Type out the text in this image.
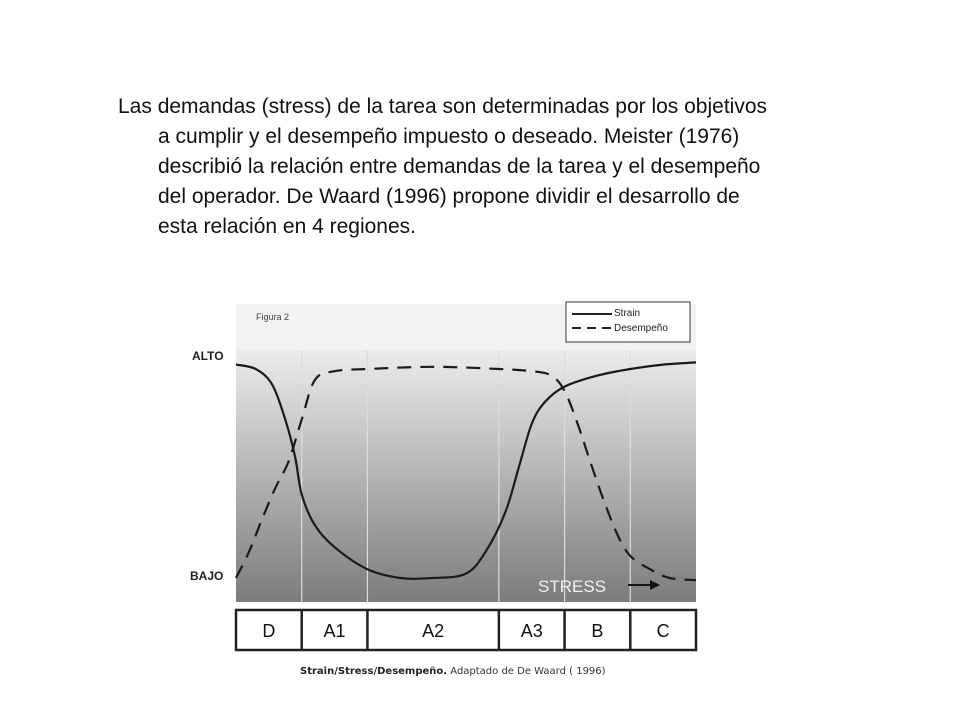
Las demandas (stress) de la tarea son determinadas por los objetivos
a cumplir y el desempeño impuesto o deseado. Meister (1976)
describió la relación entre demandas de la tarea y el desempeño
del operador. De Waard (1996) propone dividir el desarrollo de
esta relación en 4 regiones.
Figura 2	Strain
Desempeño
ALTO
BAJO
STRESS
D	A1	A2	A3	B	C
Strain/Stress/Desempeño. Adaptado de De Waard ( 1996)
